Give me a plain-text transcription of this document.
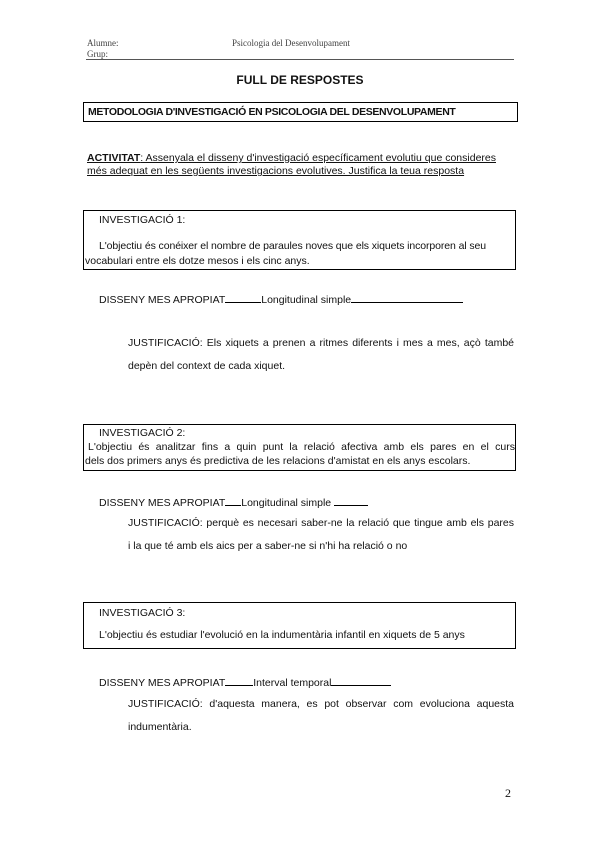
Alumne:
Grup:
Psicologia del Desenvolupament
FULL DE RESPOSTES
METODOLOGIA D'INVESTIGACIÓ EN PSICOLOGIA DEL DESENVOLUPAMENT
ACTIVITAT: Assenyala el disseny d'investigació específicament evolutiu que consideres
més adequat en les següents investigacions evolutives. Justifica la teua resposta
INVESTIGACIÓ 1:
L'objectiu és conéixer el nombre de paraules noves que els xiquets incorporen al seu
vocabulari entre els dotze mesos i els cinc anys.
DISSENY MES APROPIAT	Longitudinal simple
JUSTIFICACIÓ: Els xiquets a prenen a ritmes diferents i mes a mes, açò també
depèn del context de cada xiquet.
INVESTIGACIÓ 2:
L'objectiu és analitzar fins a quin punt la relació afectiva amb els pares en el curs
dels dos primers anys és predictiva de les relacions d'amistat en els anys escolars.
DISSENY MES APROPIAT Longitudinal simple
JUSTIFICACIÓ: perquè es necesari saber-ne la relació que tingue amb els pares
i la que té amb els aics per a saber-ne si n'hi ha relació o no
INVESTIGACIÓ 3:
L'objectiu és estudiar l'evolució en la indumentària infantil en xiquets de 5 anys
DISSENY MES APROPIAT	Interval temporal
JUSTIFICACIÓ: d'aquesta manera, es pot observar com evoluciona aquesta
indumentària.
2
